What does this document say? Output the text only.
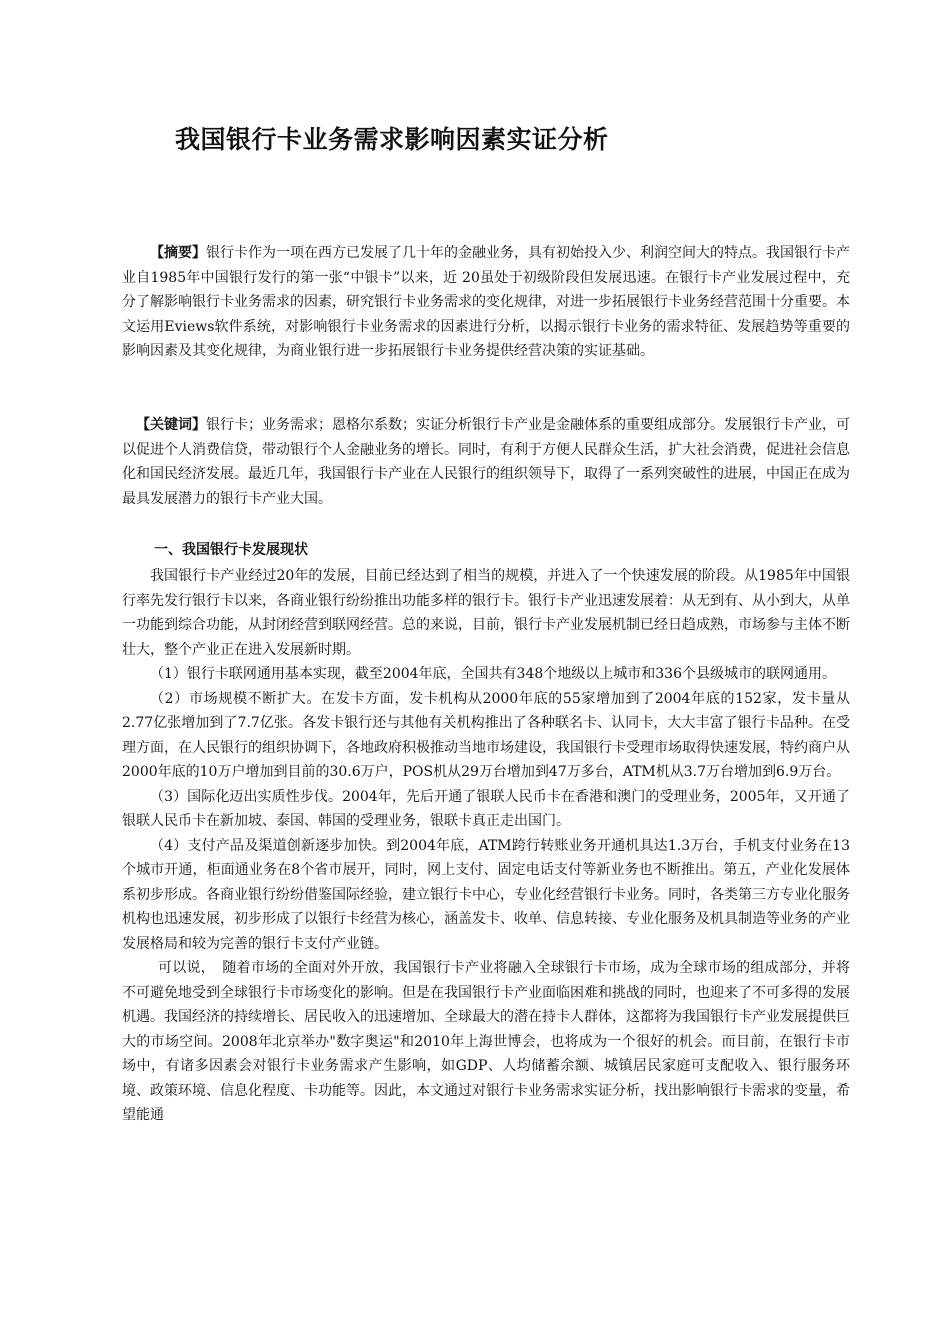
我国银行卡业务需求影响因素实证分析

【摘要】银行卡作为一项在西方已发展了几十年的金融业务，具有初始投入少、利润空间大的特点。我国银行卡产业自1985年中国银行发行的第一张“中银卡”以来，近 20虽处于初级阶段但发展迅速。在银行卡产业发展过程中，充分了解影响银行卡业务需求的因素，研究银行卡业务需求的变化规律，对进一步拓展银行卡业务经营范围十分重要。本文运用Eviews软件系统，对影响银行卡业务需求的因素进行分析，以揭示银行卡业务的需求特征、发展趋势等重要的影响因素及其变化规律，为商业银行进一步拓展银行卡业务提供经营决策的实证基础。

【关键词】银行卡；业务需求；恩格尔系数；实证分析银行卡产业是金融体系的重要组成部分。发展银行卡产业，可以促进个人消费信贷，带动银行个人金融业务的增长。同时，有利于方便人民群众生活，扩大社会消费，促进社会信息化和国民经济发展。最近几年，我国银行卡产业在人民银行的组织领导下，取得了一系列突破性的进展，中国正在成为最具发展潜力的银行卡产业大国。

一、我国银行卡发展现状

我国银行卡产业经过20年的发展，目前已经达到了相当的规模，并进入了一个快速发展的阶段。从1985年中国银行率先发行银行卡以来，各商业银行纷纷推出功能多样的银行卡。银行卡产业迅速发展着：从无到有、从小到大，从单一功能到综合功能，从封闭经营到联网经营。总的来说，目前，银行卡产业发展机制已经日趋成熟，市场参与主体不断壮大，整个产业正在进入发展新时期。

（1）银行卡联网通用基本实现，截至2004年底，全国共有348个地级以上城市和336个县级城市的联网通用。

（2）市场规模不断扩大。在发卡方面，发卡机构从2000年底的55家增加到了2004年底的152家，发卡量从2.77亿张增加到了7.7亿张。各发卡银行还与其他有关机构推出了各种联名卡、认同卡，大大丰富了银行卡品种。在受理方面，在人民银行的组织协调下，各地政府积极推动当地市场建设，我国银行卡受理市场取得快速发展，特约商户从2000年底的10万户增加到目前的30.6万户，POS机从29万台增加到47万多台，ATM机从3.7万台增加到6.9万台。

（3）国际化迈出实质性步伐。2004年，先后开通了银联人民币卡在香港和澳门的受理业务，2005年，又开通了银联人民币卡在新加坡、泰国、韩国的受理业务，银联卡真正走出国门。

（4）支付产品及渠道创新逐步加快。到2004年底，ATM跨行转账业务开通机具达1.3万台，手机支付业务在13个城市开通，柜面通业务在8个省市展开，同时，网上支付、固定电话支付等新业务也不断推出。第五，产业化发展体系初步形成。各商业银行纷纷借鉴国际经验，建立银行卡中心，专业化经营银行卡业务。同时，各类第三方专业化服务机构也迅速发展，初步形成了以银行卡经营为核心，涵盖发卡、收单、信息转接、专业化服务及机具制造等业务的产业发展格局和较为完善的银行卡支付产业链。

可以说，　随着市场的全面对外开放，我国银行卡产业将融入全球银行卡市场，成为全球市场的组成部分，并将不可避免地受到全球银行卡市场变化的影响。但是在我国银行卡产业面临困难和挑战的同时，也迎来了不可多得的发展机遇。我国经济的持续增长、居民收入的迅速增加、全球最大的潜在持卡人群体，这都将为我国银行卡产业发展提供巨大的市场空间。2008年北京举办"数字奥运"和2010年上海世博会，也将成为一个很好的机会。而目前，在银行卡市场中，有诸多因素会对银行卡业务需求产生影响，如GDP、人均储蓄余额、城镇居民家庭可支配收入、银行服务环境、政策环境、信息化程度、卡功能等。因此，本文通过对银行卡业务需求实证分析，找出影响银行卡需求的变量，希望能通
